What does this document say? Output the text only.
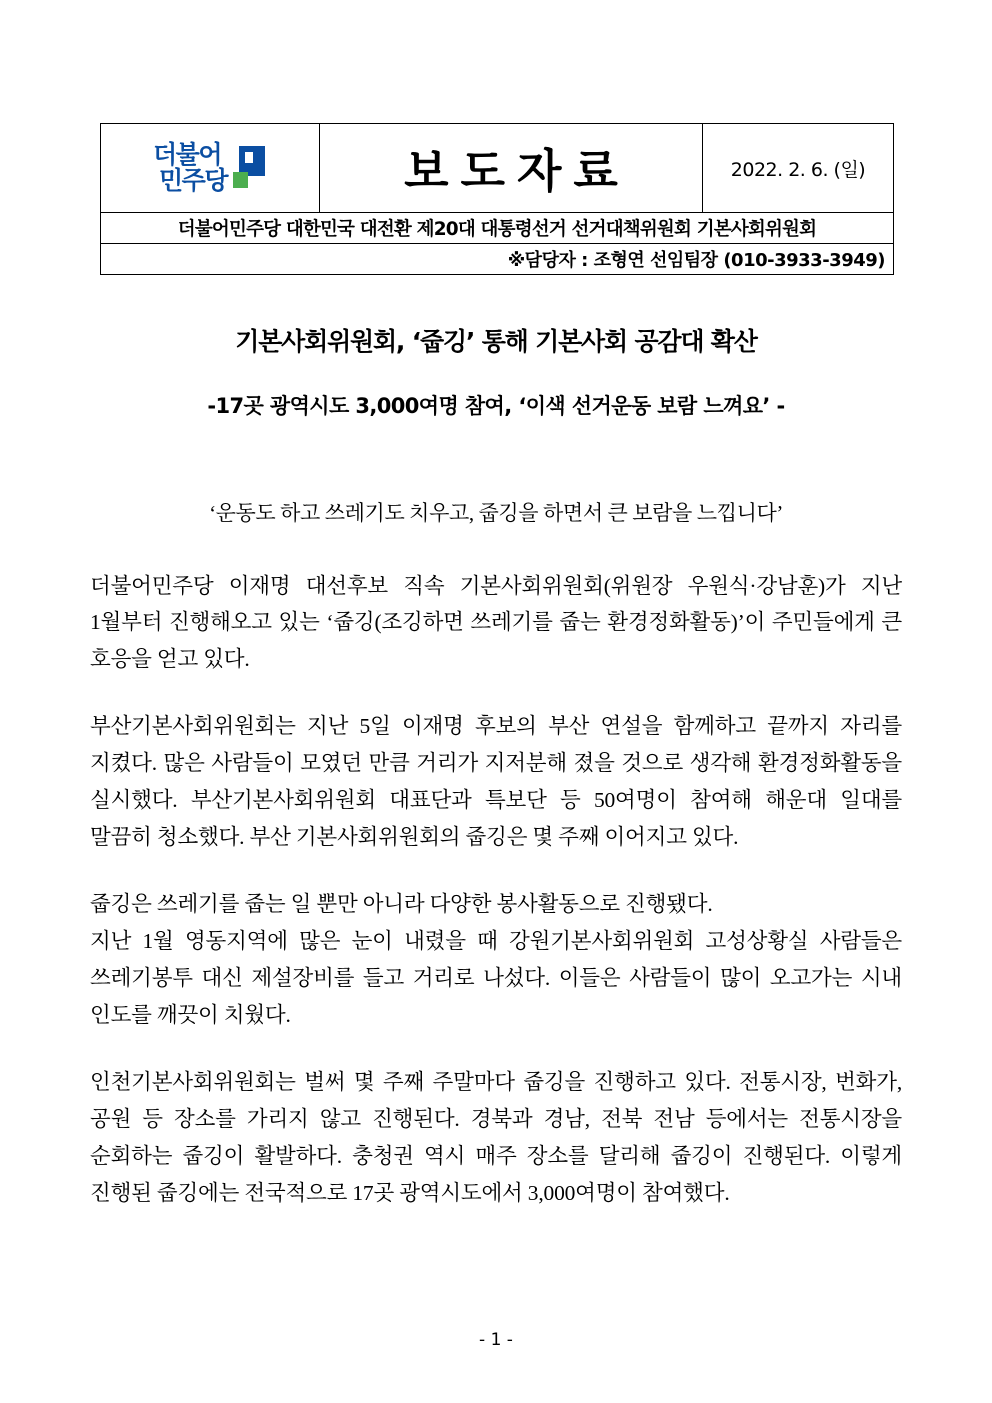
더불어
민주당	보도자료	2022. 2. 6. (일)

더불어민주당 대한민국 대전환 제20대 대통령선거 선거대책위원회 기본사회위원회
※담당자 : 조형연 선임팀장 (010-3933-3949)
기본사회위원회, ‘줍깅’ 통해 기본사회 공감대 확산
-17곳 광역시도 3,000여명 참여, ‘이색 선거운동 보람 느껴요’ -
‘운동도 하고 쓰레기도 치우고, 줍깅을 하면서 큰 보람을 느낍니다’

더불어민주당 이재명 대선후보 직속 기본사회위원회(위원장 우원식·강남훈)가 지난 1월부터 진행해오고 있는 ‘줍깅(조깅하면 쓰레기를 줍는 환경정화활동)’이 주민들에게 큰 호응을 얻고 있다.

부산기본사회위원회는 지난 5일 이재명 후보의 부산 연설을 함께하고 끝까지 자리를 지켰다. 많은 사람들이 모였던 만큼 거리가 지저분해 졌을 것으로 생각해 환경정화활동을 실시했다. 부산기본사회위원회 대표단과 특보단 등 50여명이 참여해 해운대 일대를 말끔히 청소했다. 부산 기본사회위원회의 줍깅은 몇 주째 이어지고 있다.

줍깅은 쓰레기를 줍는 일 뿐만 아니라 다양한 봉사활동으로 진행됐다.

지난 1월 영동지역에 많은 눈이 내렸을 때 강원기본사회위원회 고성상황실 사람들은 쓰레기봉투 대신 제설장비를 들고 거리로 나섰다. 이들은 사람들이 많이 오고가는 시내 인도를 깨끗이 치웠다.

인천기본사회위원회는 벌써 몇 주째 주말마다 줍깅을 진행하고 있다. 전통시장, 번화가, 공원 등 장소를 가리지 않고 진행된다. 경북과 경남, 전북 전남 등에서는 전통시장을 순회하는 줍깅이 활발하다. 충청권 역시 매주 장소를 달리해 줍깅이 진행된다. 이렇게 진행된 줍깅에는 전국적으로 17곳 광역시도에서 3,000여명이 참여했다.

- 1 -
